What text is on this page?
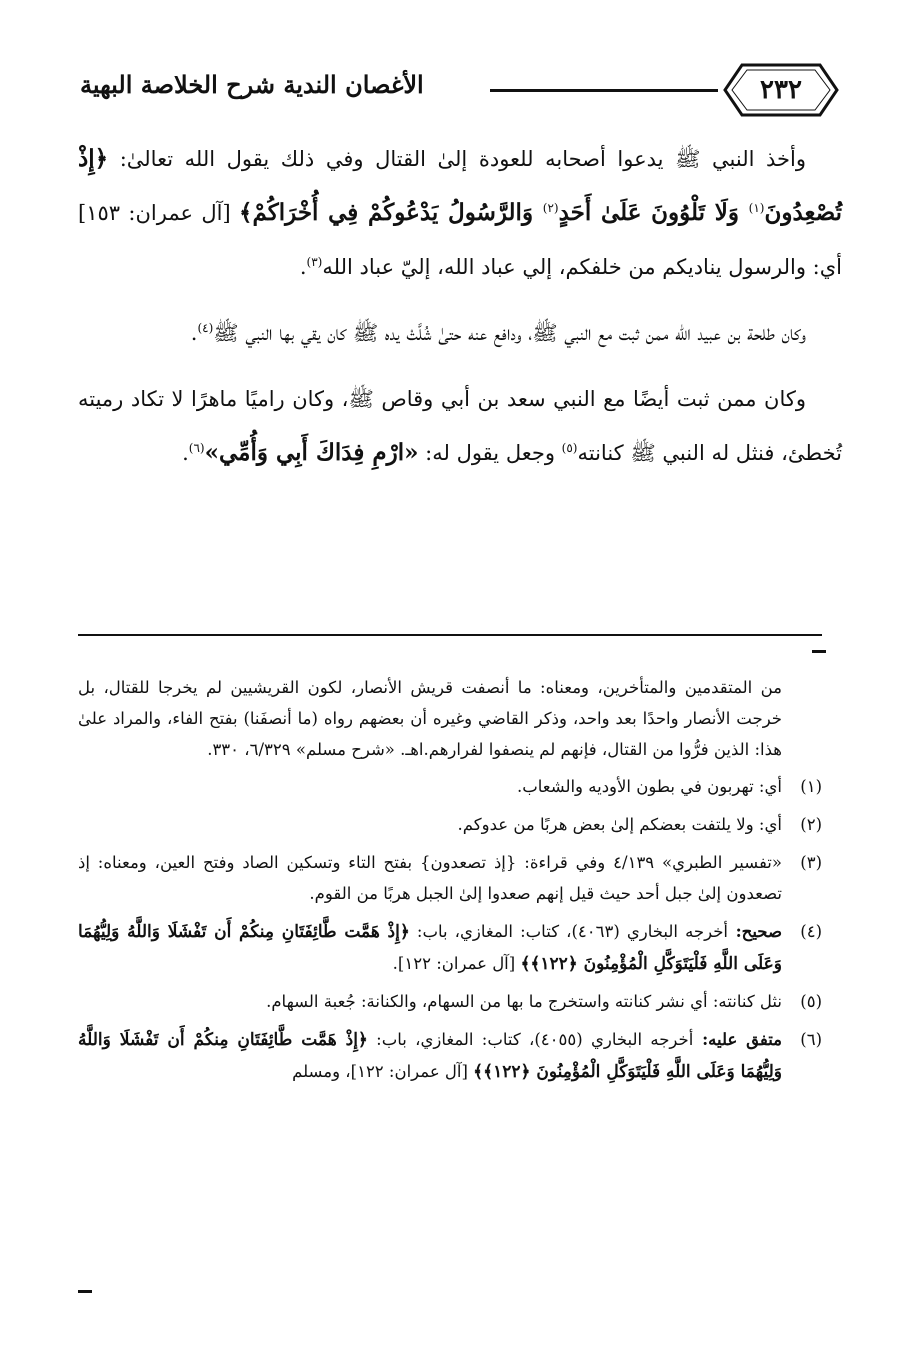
الأغصان الندية شرح الخلاصة البهية	٢٣٢

وأخذ النبي ﷺ يدعوا أصحابه للعودة إلىٰ القتال وفي ذلك يقول الله تعالىٰ: ﴿إِذْ تُصْعِدُونَ$^{(١)}$ وَلَا تَلْوُونَ عَلَىٰ أَحَدٍ$^{(٢)}$ وَالرَّسُولُ يَدْعُوكُمْ فِي أُخْرَاكُمْ﴾ [آل عمران: ١٥٣] أي: والرسول يناديكم من خلفكم، إلي عباد الله، إليّ عباد الله$^{(٣)}$.

وكان طلحة بن عبيد الله ممن ثبت مع النبي ﷺ، ودافع عنه حتىٰ شُلَّتْ يده ﷺ كان يقي بها النبي ﷺ$^{(٤)}$.

وكان ممن ثبت أيضًا مع النبي سعد بن أبي وقاص ﷺ، وكان راميًا ماهرًا لا تكاد رميته تُخطئ، فنثل له النبي ﷺ كنانته$^{(٥)}$ وجعل يقول له: «ارْمِ فِدَاكَ أَبِي وَأُمِّي»$^{(٦)}$.

من المتقدمين والمتأخرين، ومعناه: ما أنصفت قريش الأنصار، لكون القريشيين لم يخرجا للقتال، بل خرجت الأنصار واحدًا بعد واحد، وذكر القاضي وغيره أن بعضهم رواه (ما أنصفَنا) بفتح الفاء، والمراد علىٰ هذا: الذين فرُّوا من القتال، فإنهم لم ينصفوا لفرارهم.اهـ. «شرح مسلم» ٦/٣٢٩، ٣٣٠.
(١)
أي: تهربون في بطون الأوديه والشعاب.
(٢)
أي: ولا يلتفت بعضكم إلىٰ بعض هربًا من عدوكم.
(٣)
«تفسير الطبري» ٤/١٣٩ وفي قراءة: {إذ تصعدون} بفتح التاء وتسكين الصاد وفتح العين، ومعناه: إذ تصعدون إلىٰ جبل أحد حيث قيل إنهم صعدوا إلىٰ الجبل هربًا من القوم.
(٤)
صحيح: أخرجه البخاري (٤٠٦٣)، كتاب: المغازي، باب: ﴿إِذْ هَمَّت طَّائِفَتَانِ مِنكُمْ أَن تَفْشَلَا وَاللَّهُ وَلِيُّهُمَا وَعَلَى اللَّهِ فَلْيَتَوَكَّلِ الْمُؤْمِنُونَ ﴿١٢٢﴾﴾ [آل عمران: ١٢٢].
(٥)
نثل كنانته: أي نشر كنانته واستخرج ما بها من السهام، والكنانة: جُعبة السهام.
(٦)
متفق عليه: أخرجه البخاري (٤٠٥٥)، كتاب: المغازي، باب: ﴿إِذْ هَمَّت طَّائِفَتَانِ مِنكُمْ أَن تَفْشَلَا وَاللَّهُ وَلِيُّهُمَا وَعَلَى اللَّهِ فَلْيَتَوَكَّلِ الْمُؤْمِنُونَ ﴿١٢٢﴾﴾ [آل عمران: ١٢٢]، ومسلم
